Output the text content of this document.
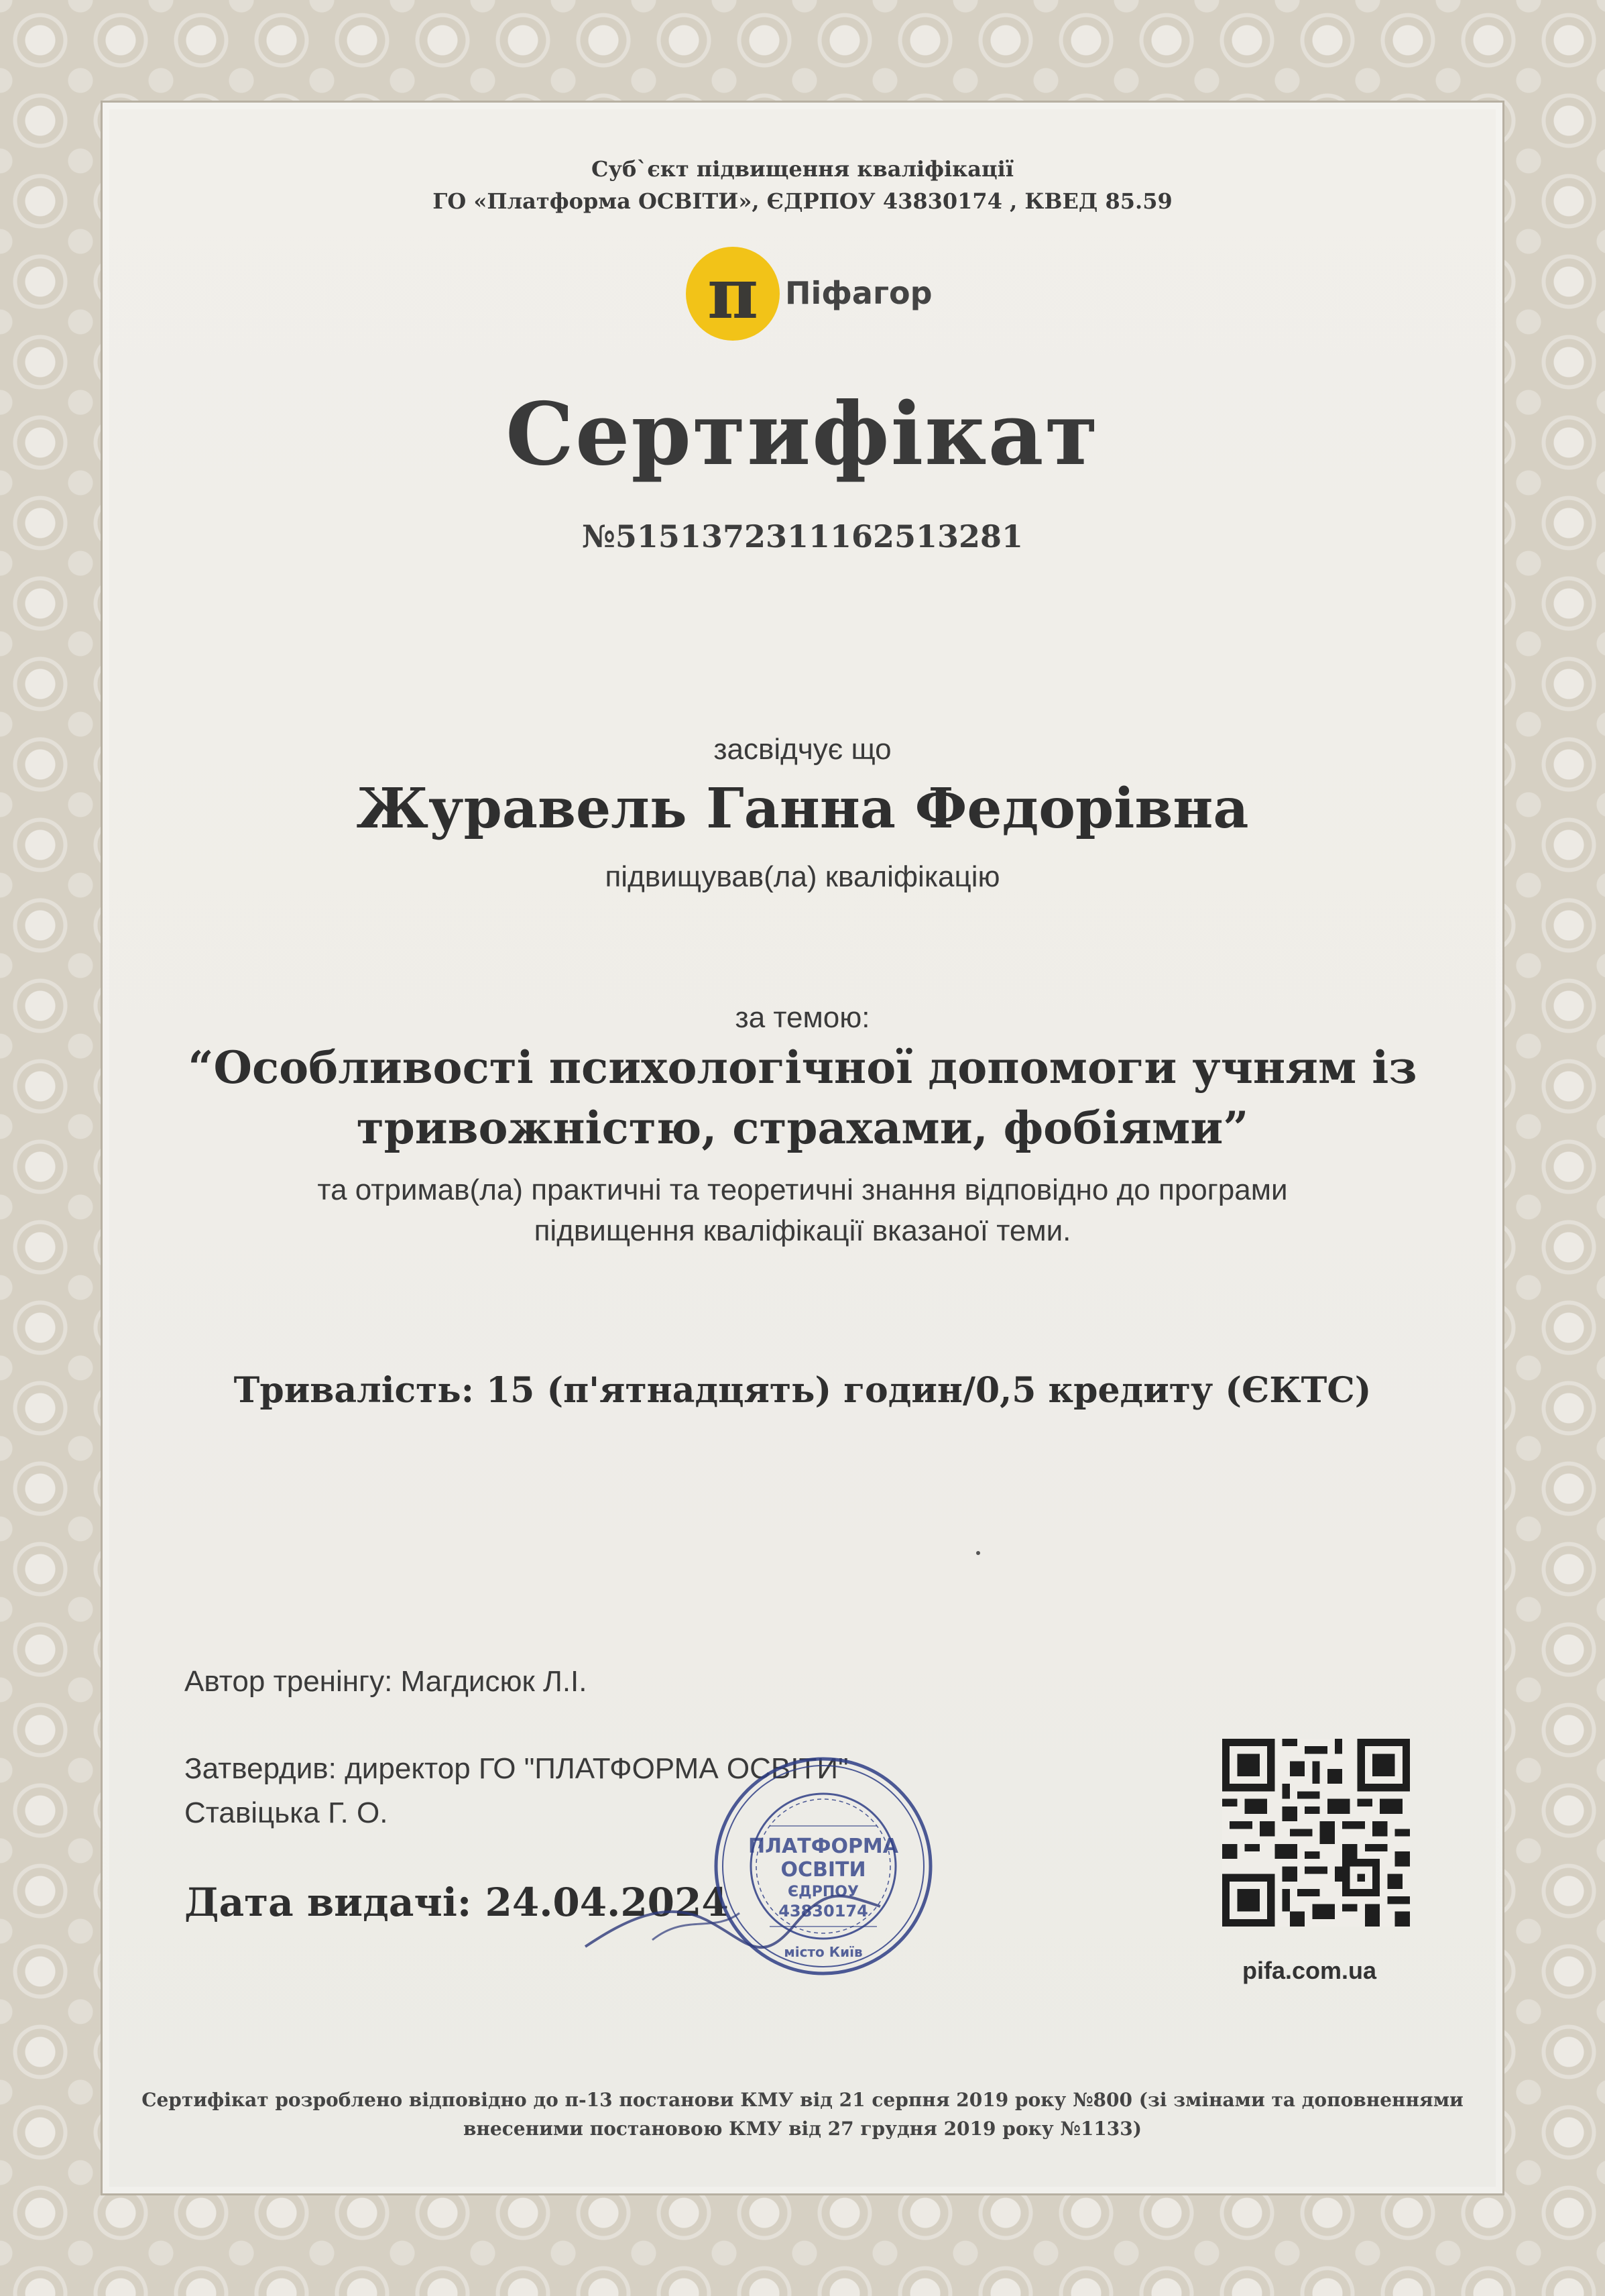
Суб`єкт підвищення кваліфікації
ГО «Платформа ОСВІТИ», ЄДРПОУ 43830174 , КВЕД 85.59
π Піфагор
Сертифікат
№5151372311162513281
засвідчує що
Журавель Ганна Федорівна
підвищував(ла) кваліфікацію
за темою:
“Особливості психологічної допомоги учням із
тривожністю, страхами, фобіями”
та отримав(ла) практичні та теоретичні знання відповідно до програми
підвищення кваліфікації вказаної теми.
Тривалість: 15 (п'ятнадцять) годин/0,5 кредиту (ЄКТС)
Автор тренінгу: Магдисюк Л.І.
Затвердив: директор ГО "ПЛАТФОРМА ОСВІТИ"
Ставіцька Г. О.
Дата видачі: 24.04.2024
ПЛАТФОРМА
ОСВІТИ
ЄДРПОУ
43830174
місто Київ
pifa.com.ua
Сертифікат розроблено відповідно до п-13 постанови КМУ від 21 серпня 2019 року №800 (зі змінами та доповненнями
внесеними постановою КМУ від 27 грудня 2019 року №1133)
